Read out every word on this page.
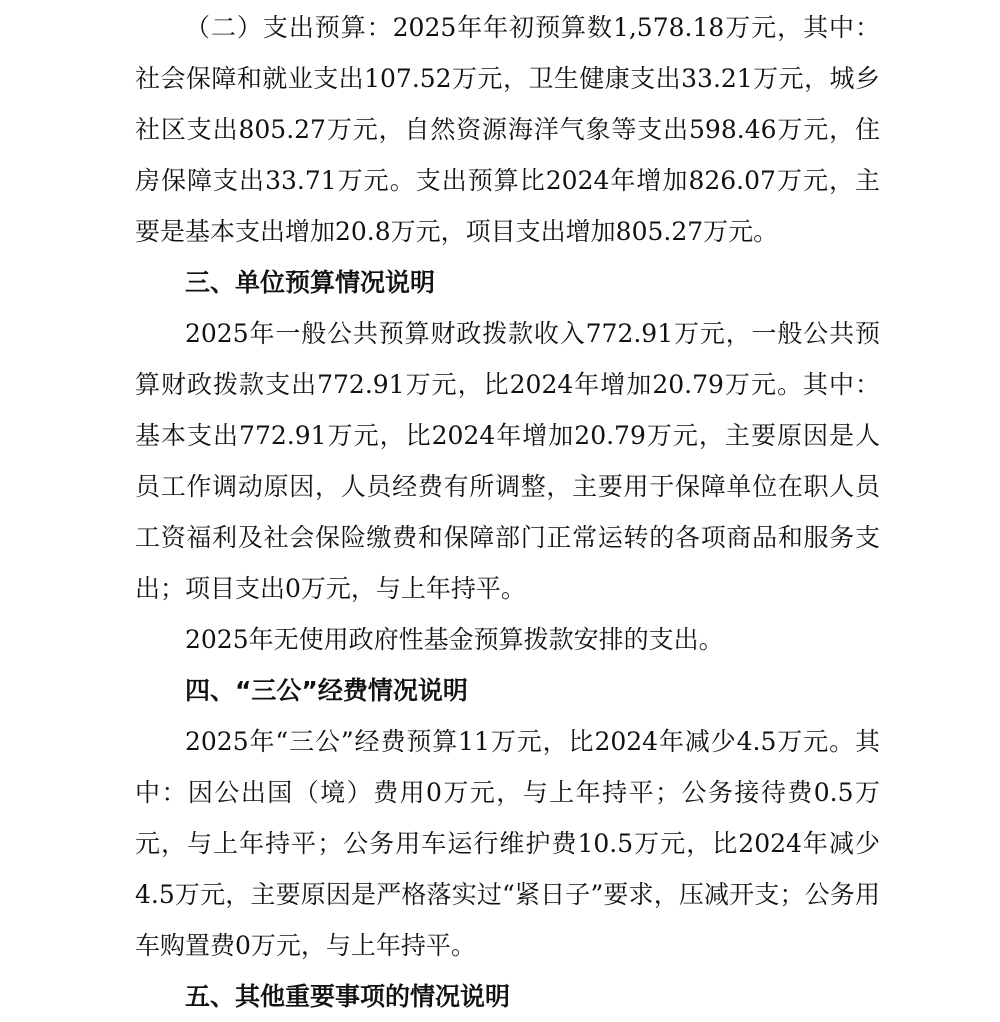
（二）支出预算：2025年年初预算数1,578.18万元，其中：社会保障和就业支出107.52万元，卫生健康支出33.21万元，城乡社区支出805.27万元，自然资源海洋气象等支出598.46万元，住房保障支出33.71万元。支出预算比2024年增加826.07万元，主要是基本支出增加20.8万元，项目支出增加805.27万元。

三、单位预算情况说明

2025年一般公共预算财政拨款收入772.91万元，一般公共预算财政拨款支出772.91万元，比2024年增加20.79万元。其中：基本支出772.91万元，比2024年增加20.79万元，主要原因是人员工作调动原因，人员经费有所调整，主要用于保障单位在职人员工资福利及社会保险缴费和保障部门正常运转的各项商品和服务支出；项目支出0万元，与上年持平。

2025年无使用政府性基金预算拨款安排的支出。

四、“三公”经费情况说明

2025年“三公”经费预算11万元，比2024年减少4.5万元。其中：因公出国（境）费用0万元，与上年持平；公务接待费0.5万元，与上年持平；公务用车运行维护费10.5万元，比2024年减少4.5万元，主要原因是严格落实过“紧日子”要求，压减开支；公务用车购置费0万元，与上年持平。

五、其他重要事项的情况说明
